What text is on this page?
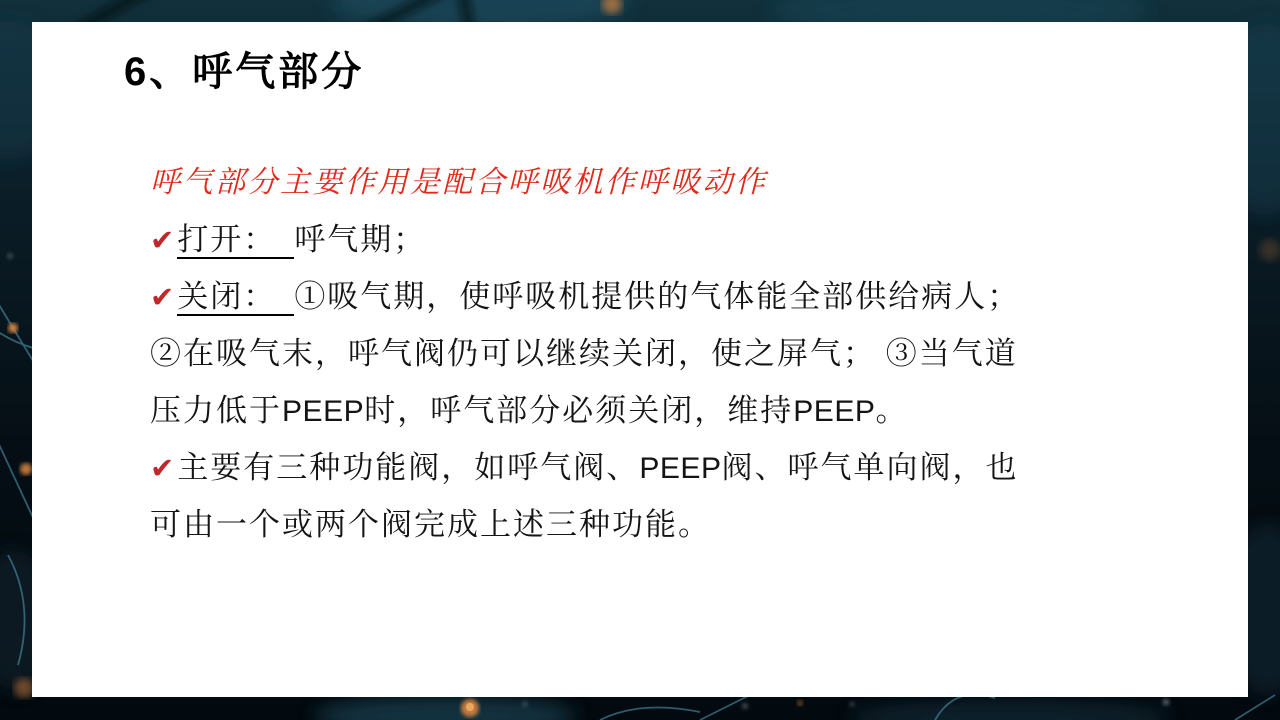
6、呼气部分
呼气部分主要作用是配合呼吸机作呼吸动作
✔打开： 呼气期；
✔关闭： ①吸气期，使呼吸机提供的气体能全部供给病人；
②在吸气末，呼气阀仍可以继续关闭，使之屏气； ③当气道
压力低于PEEP时，呼气部分必须关闭，维持PEEP。
✔主要有三种功能阀，如呼气阀、PEEP阀、呼气单向阀，也
可由一个或两个阀完成上述三种功能。
